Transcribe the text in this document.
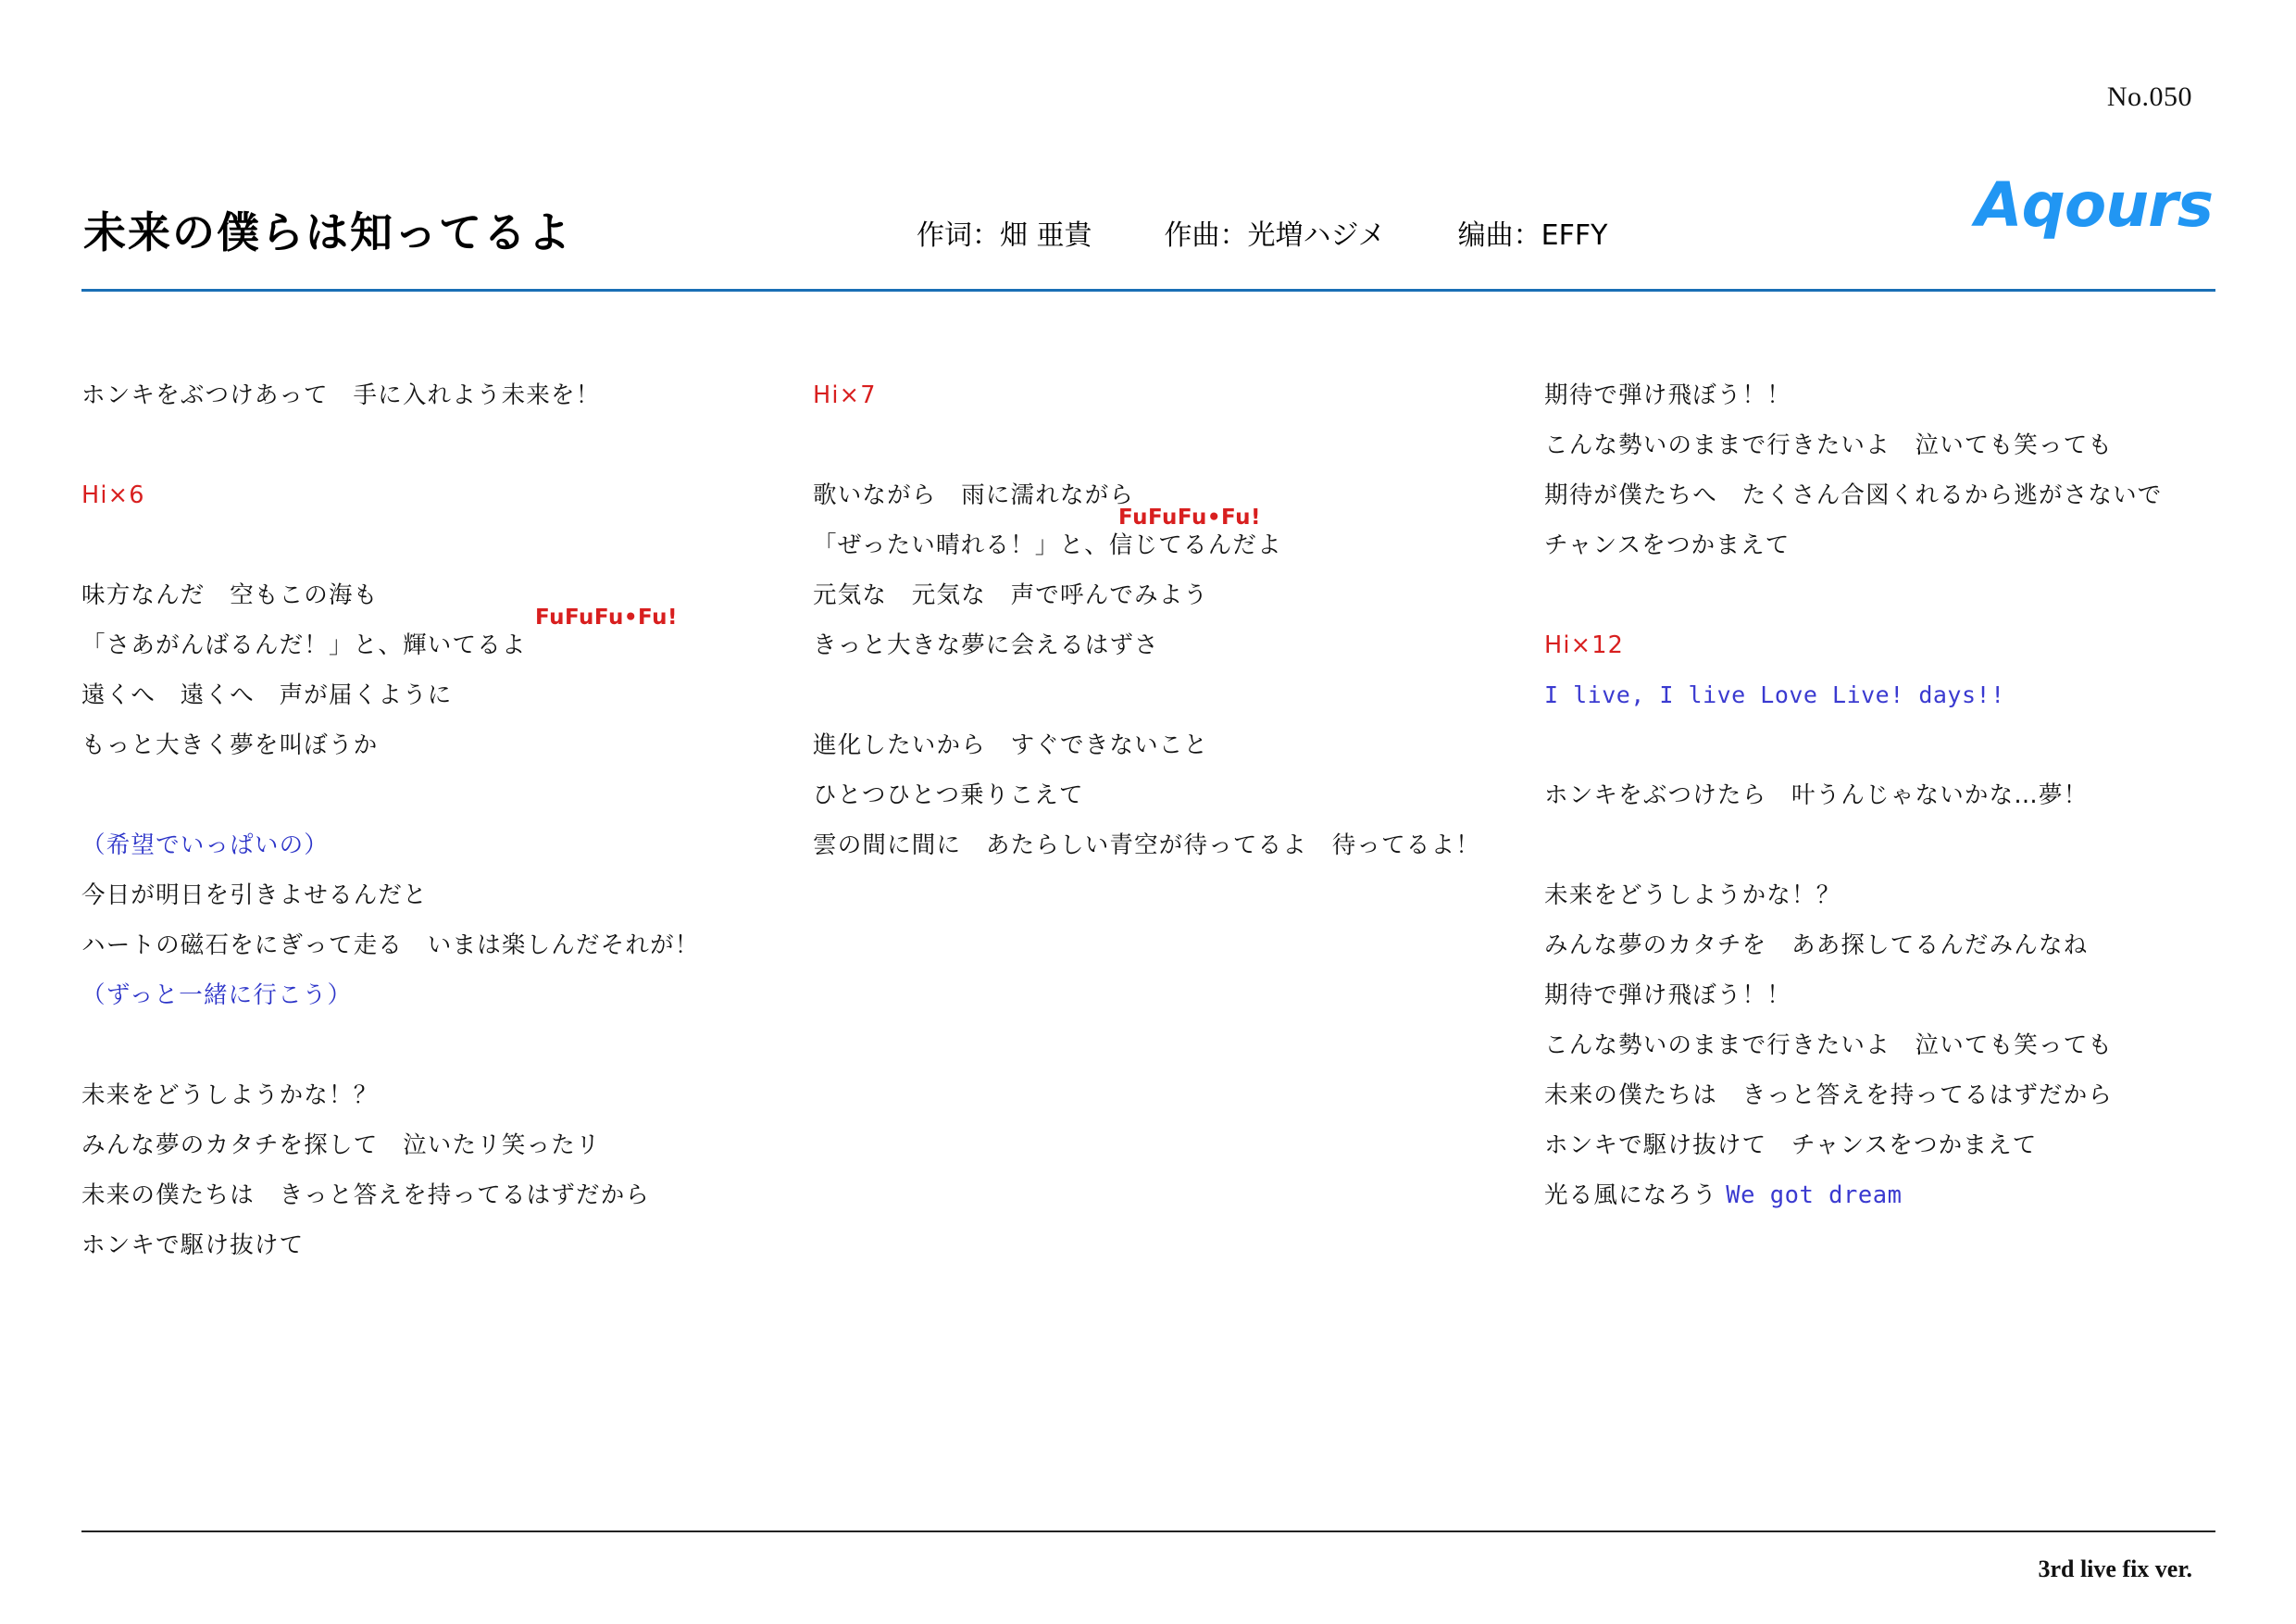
No.050
未来の僕らは知ってるよ	作词：畑 亜貴	作曲：光増ハジメ	编曲：EFFY	Aqours
ホンキをぶつけあって　手に入れよう未来を！
Hi×6
味方なんだ　空もこの海も
「さあがんばるんだ！」と、輝いてるよ
FuFuFu•Fu!
遠くへ　遠くへ　声が届くように
もっと大きく夢を叫ぼうか
（希望でいっぱいの）
今日が明日を引きよせるんだと
ハートの磁石をにぎって走る　いまは楽しんだそれが！
（ずっと一緒に行こう）
未来をどうしようかな！？
みんな夢のカタチを探して　泣いたリ笑ったリ
未来の僕たちは　きっと答えを持ってるはずだから
ホンキで駆け抜けて
Hi×7
歌いながら　雨に濡れながら
「ぜったい晴れる！」と、信じてるんだよ
FuFuFu•Fu!
元気な　元気な　声で呼んでみよう
きっと大きな夢に会えるはずさ
進化したいから　すぐできないこと
ひとつひとつ乗りこえて
雲の間に間に　あたらしい青空が待ってるよ　待ってるよ！
期待で弾け飛ぼう！！
こんな勢いのままで行きたいよ　泣いても笑っても
期待が僕たちへ　たくさん合図くれるから逃がさないで
チャンスをつかまえて
Hi×12
I live, I live Love Live! days!!
ホンキをぶつけたら　叶うんじゃないかな…夢！
未来をどうしようかな！？
みんな夢のカタチを　ああ探してるんだみんなね
期待で弾け飛ぼう！！
こんな勢いのままで行きたいよ　泣いても笑っても
未来の僕たちは　きっと答えを持ってるはずだから
ホンキで駆け抜けて　チャンスをつかまえて
光る風になろう We got dream
3rd live fix ver.
